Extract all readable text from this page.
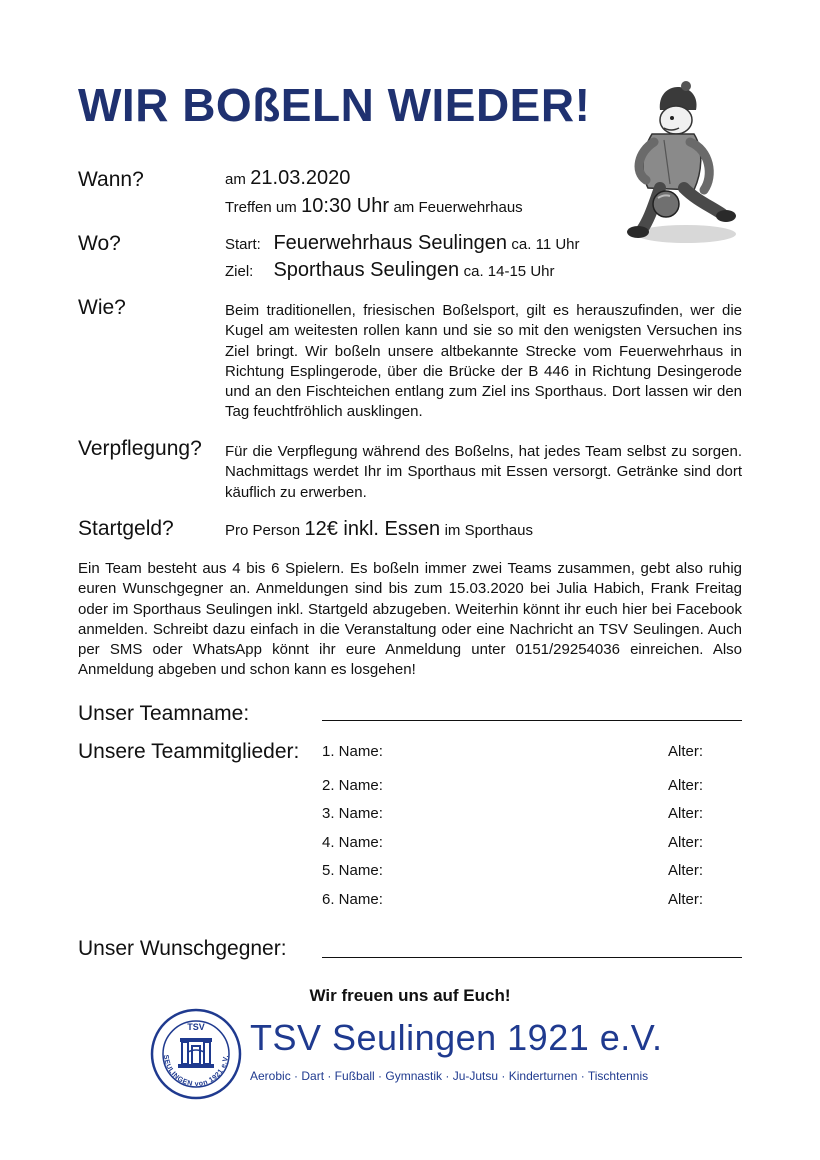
WIR BOßELN WIEDER!
Wann?	am 21.03.2020
Treffen um 10:30 Uhr am Feuerwehrhaus
Wo?	Start: Feuerwehrhaus Seulingen ca. 11 Uhr
Ziel: Sporthaus Seulingen ca. 14-15 Uhr
Wie?	Beim traditionellen, friesischen Boßelsport, gilt es herauszufinden, wer die Kugel am weitesten rollen kann und sie so mit den wenigsten Versuchen ins Ziel bringt. Wir boßeln unsere altbekannte Strecke vom Feuerwehrhaus in Richtung Esplingerode, über die Brücke der B 446 in Richtung Desingerode und an den Fischteichen entlang zum Ziel ins Sporthaus. Dort lassen wir den Tag feuchtfröhlich ausklingen.
Verpflegung? Für die Verpflegung während des Boßelns, hat jedes Team selbst zu sorgen. Nachmittags werdet Ihr im Sporthaus mit Essen versorgt. Getränke sind dort käuflich zu erwerben.
Startgeld?	Pro Person 12€ inkl. Essen im Sporthaus
Ein Team besteht aus 4 bis 6 Spielern. Es boßeln immer zwei Teams zusammen, gebt also ruhig euren Wunschgegner an. Anmeldungen sind bis zum 15.03.2020 bei Julia Habich, Frank Freitag oder im Sporthaus Seulingen inkl. Startgeld abzugeben. Weiterhin könnt ihr euch hier bei Facebook anmelden. Schreibt dazu einfach in die Veranstaltung oder eine Nachricht an TSV Seulingen. Auch per SMS oder WhatsApp könnt ihr eure Anmeldung unter 0151/29254036 einreichen. Also Anmeldung abgeben und schon kann es losgehen!
Unser Teamname:
Unsere Teammitglieder: 1. Name:	Alter:
2. Name:	Alter:
3. Name:	Alter:
4. Name:	Alter:
5. Name:	Alter:
6. Name:	Alter:
Unser Wunschgegner:
Wir freuen uns auf Euch!
TSV
SEULINGEN von 1921 e.V. TSV Seulingen 1921 e.V.
Aerobic · Dart · Fußball · Gymnastik · Ju-Jutsu · Kinderturnen · Tischtennis
